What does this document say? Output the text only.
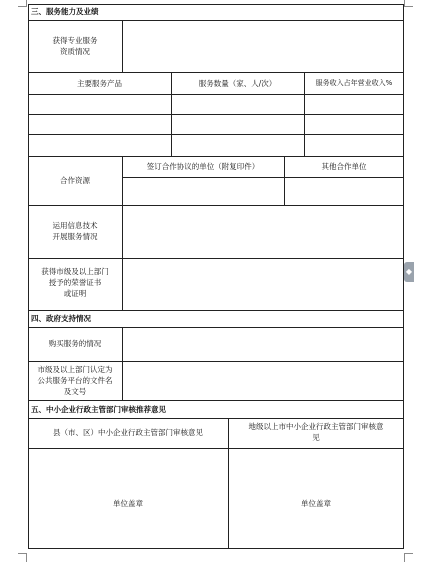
三、服务能力及业绩
获得专业服务
资质情况
主要服务产品	服务数量（家、人/次）	服务收入占年营业收入%
合作资源
签订合作协议的单位（附复印件）	其他合作单位
运用信息技术
开展服务情况
获得市级及以上部门
授予的荣誉证书
或证明
四、政府支持情况
购买服务的情况
市级及以上部门认定为
公共服务平台的文件名
及文号
五、中小企业行政主管部门审核推荐意见
县（市、区）中小企业行政主管部门审核意见
地级以上市中小企业行政主管部门审核意
见
单位盖章	单位盖章
◆
